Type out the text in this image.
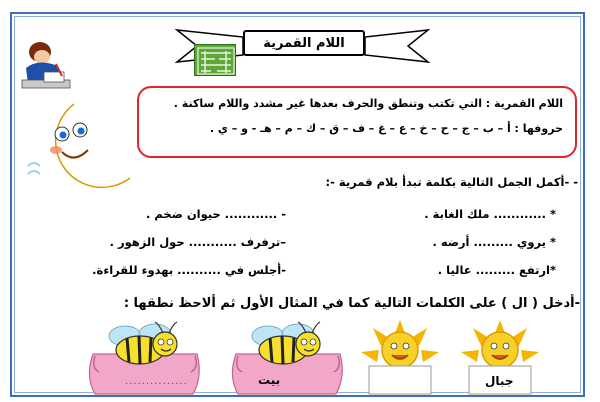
اللام القمرية
اللام القمرية : التي تكتب وتنطق والحرف بعدها غير مشدد واللام ساكنة .
حروفها : أ – ب – ج – ح – خ – ع – غ – ف – ق – ك – م – هـ - و – ي .
- -أكمل الجمل التالية بكلمة تبدأ بلام قمرية -:
* ............ ملك الغابة .
- ............ حيوان ضخم .
* يروي ......... أرضه .
–ترفرف ........... حول الزهور .
*ارتفع ......... عاليا .
-أجلس في .......... بهدوء للقراءة.
-أدخل ( ال ) على الكلمات التالية كما في المثال الأول ثم ألاحظ نطقها :
جبال
بيت
...............
